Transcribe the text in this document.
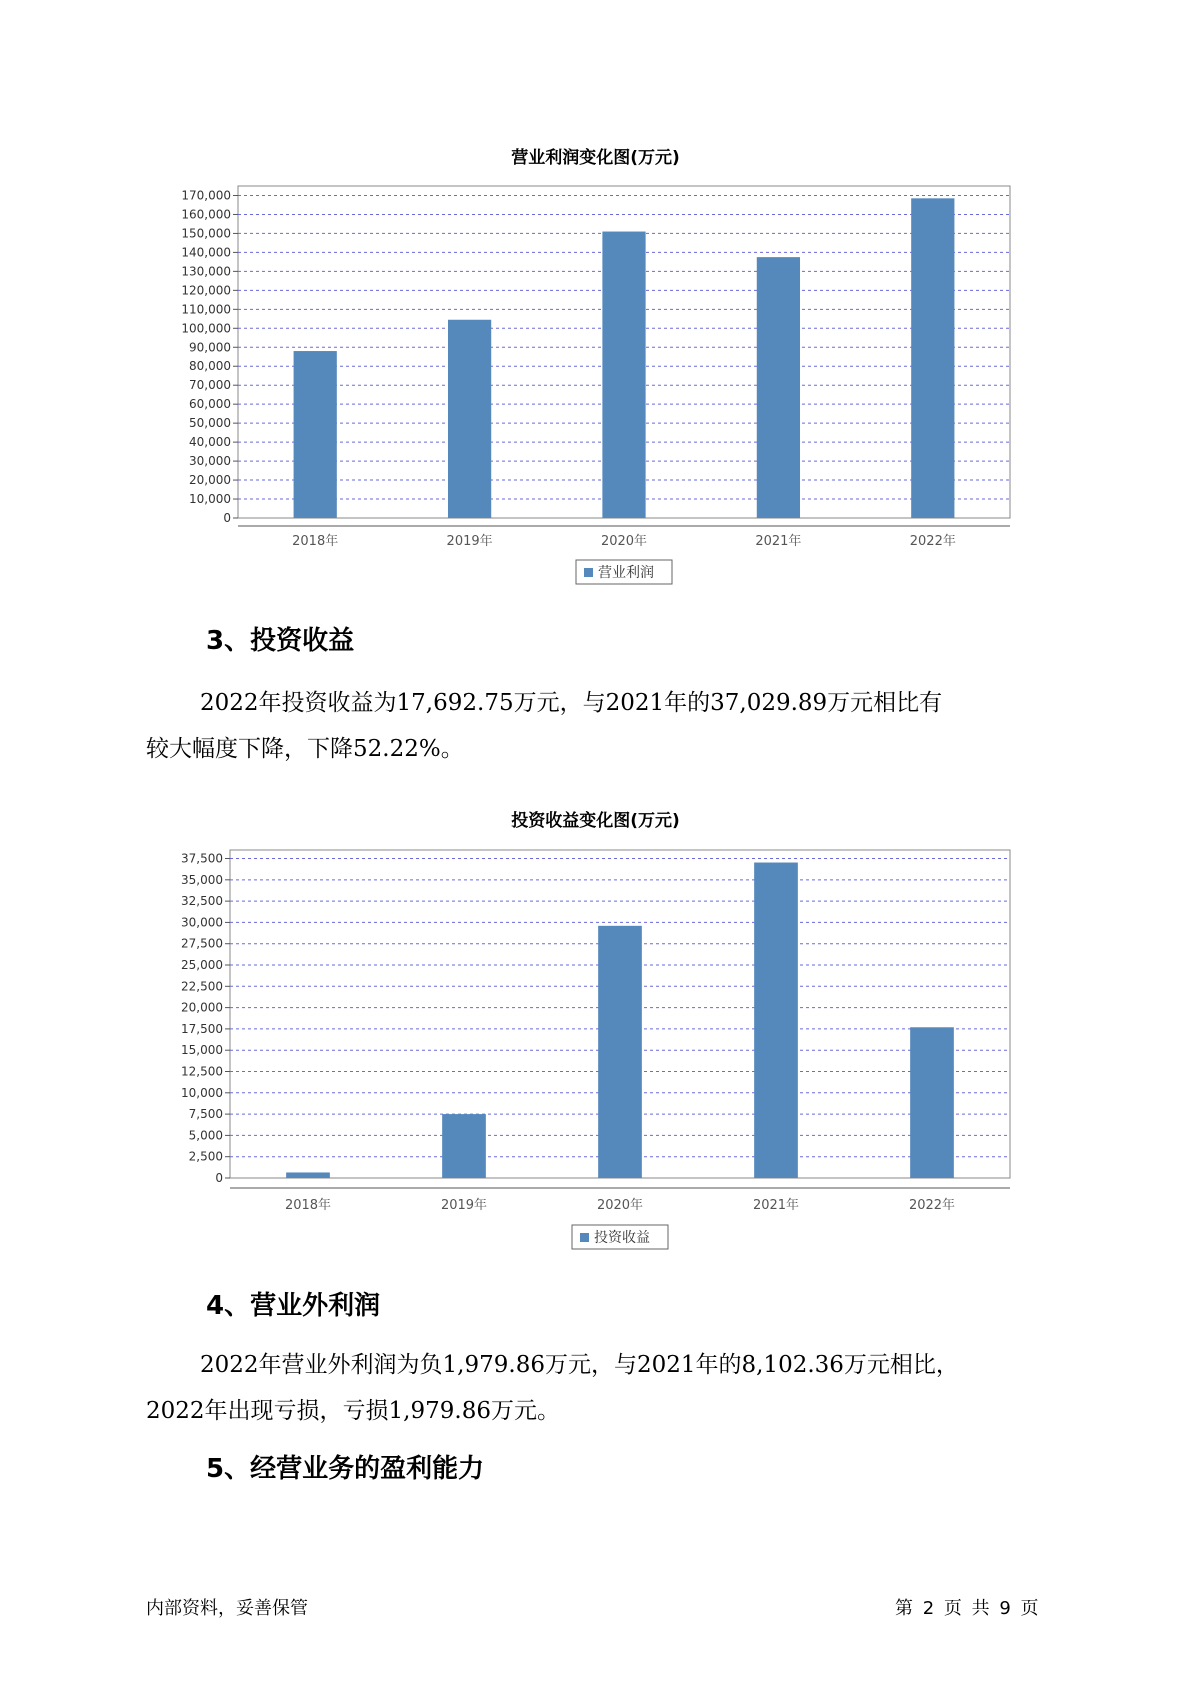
营业利润变化图(万元)
0
10,000
20,000
30,000
40,000
50,000
60,000
70,000
80,000
90,000
100,000
110,000
120,000
130,000
140,000
150,000
160,000
170,000
2018年	2019年	2020年	2021年	2022年
营业利润
3、投资收益
2022年投资收益为17,692.75万元，与2021年的37,029.89万元相比有
较大幅度下降，下降52.22%。
投资收益变化图(万元)
0
2,500
5,000
7,500
10,000
12,500
15,000
17,500
20,000
22,500
25,000
27,500
30,000
32,500
35,000
37,500
2018年	2019年	2020年	2021年	2022年
投资收益
4、营业外利润
2022年营业外利润为负1,979.86万元，与2021年的8,102.36万元相比，
2022年出现亏损，亏损1,979.86万元。
5、经营业务的盈利能力
内部资料，妥善保管	第 2 页 共 9 页
